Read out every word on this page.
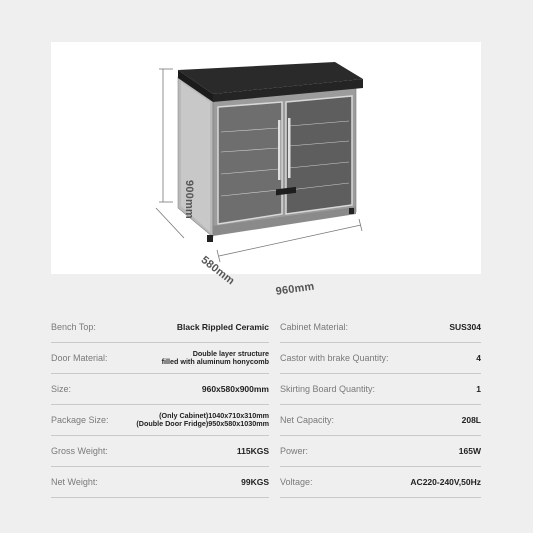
900mm
580mm
960mm
Bench Top:	Black Rippled Ceramic
Door Material:	Double layer structure
filled with aluminum honycomb
Size:	960x580x900mm
Package Size:	(Only Cabinet)1040x710x310mm
(Double Door Fridge)950x580x1030mm
Gross Weight:	115KGS
Net Weight:	99KGS
Cabinet Material:	SUS304
Castor with brake Quantity:	4
Skirting Board Quantity:	1
Net Capacity:	208L
Power:	165W
Voltage:	AC220-240V,50Hz
